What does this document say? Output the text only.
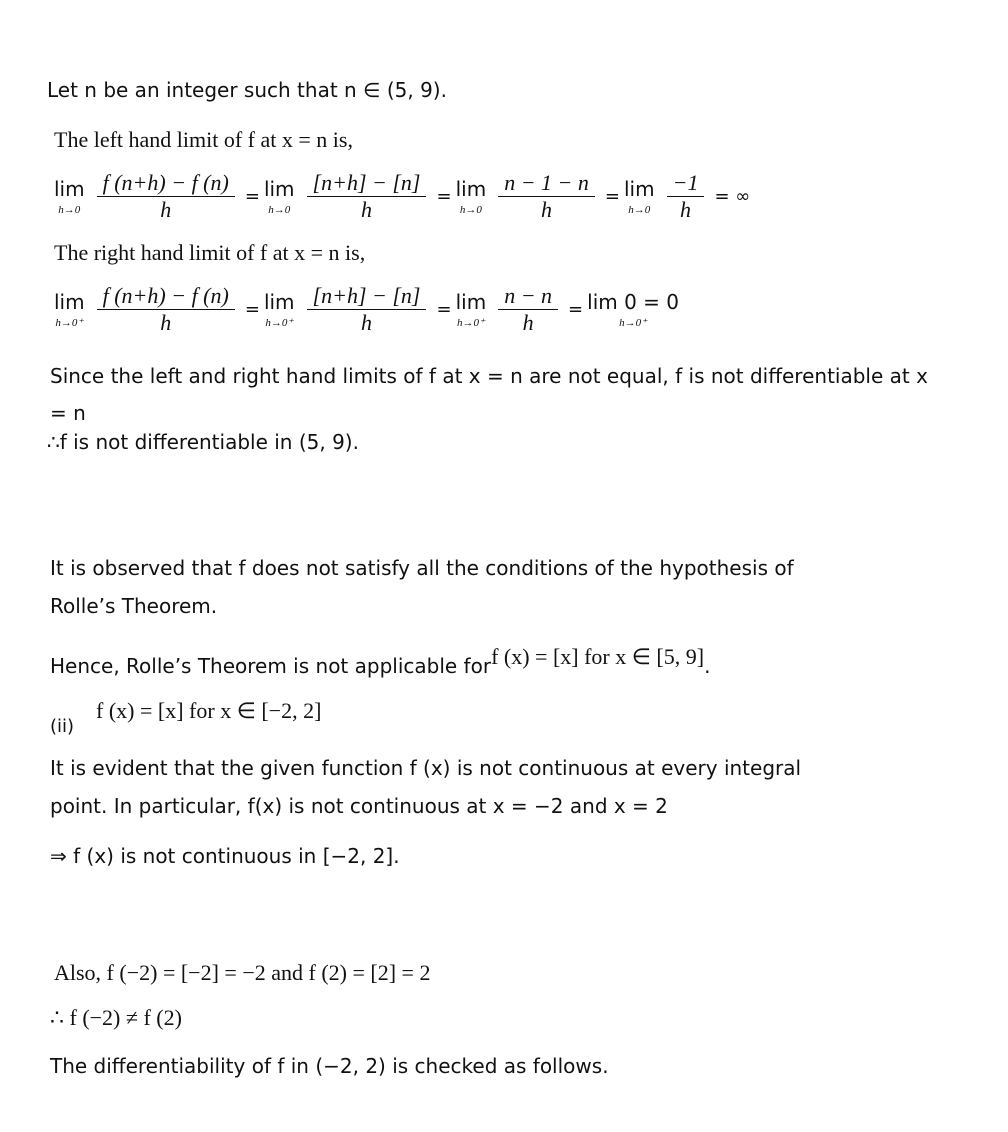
Let n be an integer such that n ∈ (5, 9).
The left hand limit of f at x = n is,
lim
$h\to 0 \frac{f (n+h) - f (n)}{h} = \lim$
$h\to 0 \frac{[n+h] - [n]}{h} = \lim$
$h\to 0 \frac{n - 1 - n}{h} = \lim$
$h\to 0 \frac{-1}{h}$ = ∞
The right hand limit of f at x = n is,
lim
$h\to 0^+ \frac{f (n+h) - f (n)}{h} = \lim$
$h\to 0^+ \frac{[n+h] - [n]}{h} = \lim$
$h\to 0^+ \frac{n - n}{h} = \lim 0 = 0$
h→0⁺
Since the left and right hand limits of f at x = n are not equal, f is not differentiable at x
= n
∴f is not differentiable in (5, 9).
It is observed that f does not satisfy all the conditions of the hypothesis of
Rolle’s Theorem.
Hence, Rolle’s Theorem is not applicable for f (x) = [x] for x ∈ [5, 9] .
(ii)
f (x) = [x] for x ∈ [−2, 2]
It is evident that the given function f (x) is not continuous at every integral
point. In particular, f(x) is not continuous at x = −2 and x = 2
⇒ f (x) is not continuous in [−2, 2].
Also, f (−2) = [−2] = −2 and f (2) = [2] = 2
∴ f (−2) ≠ f (2)
The differentiability of f in (−2, 2) is checked as follows.
